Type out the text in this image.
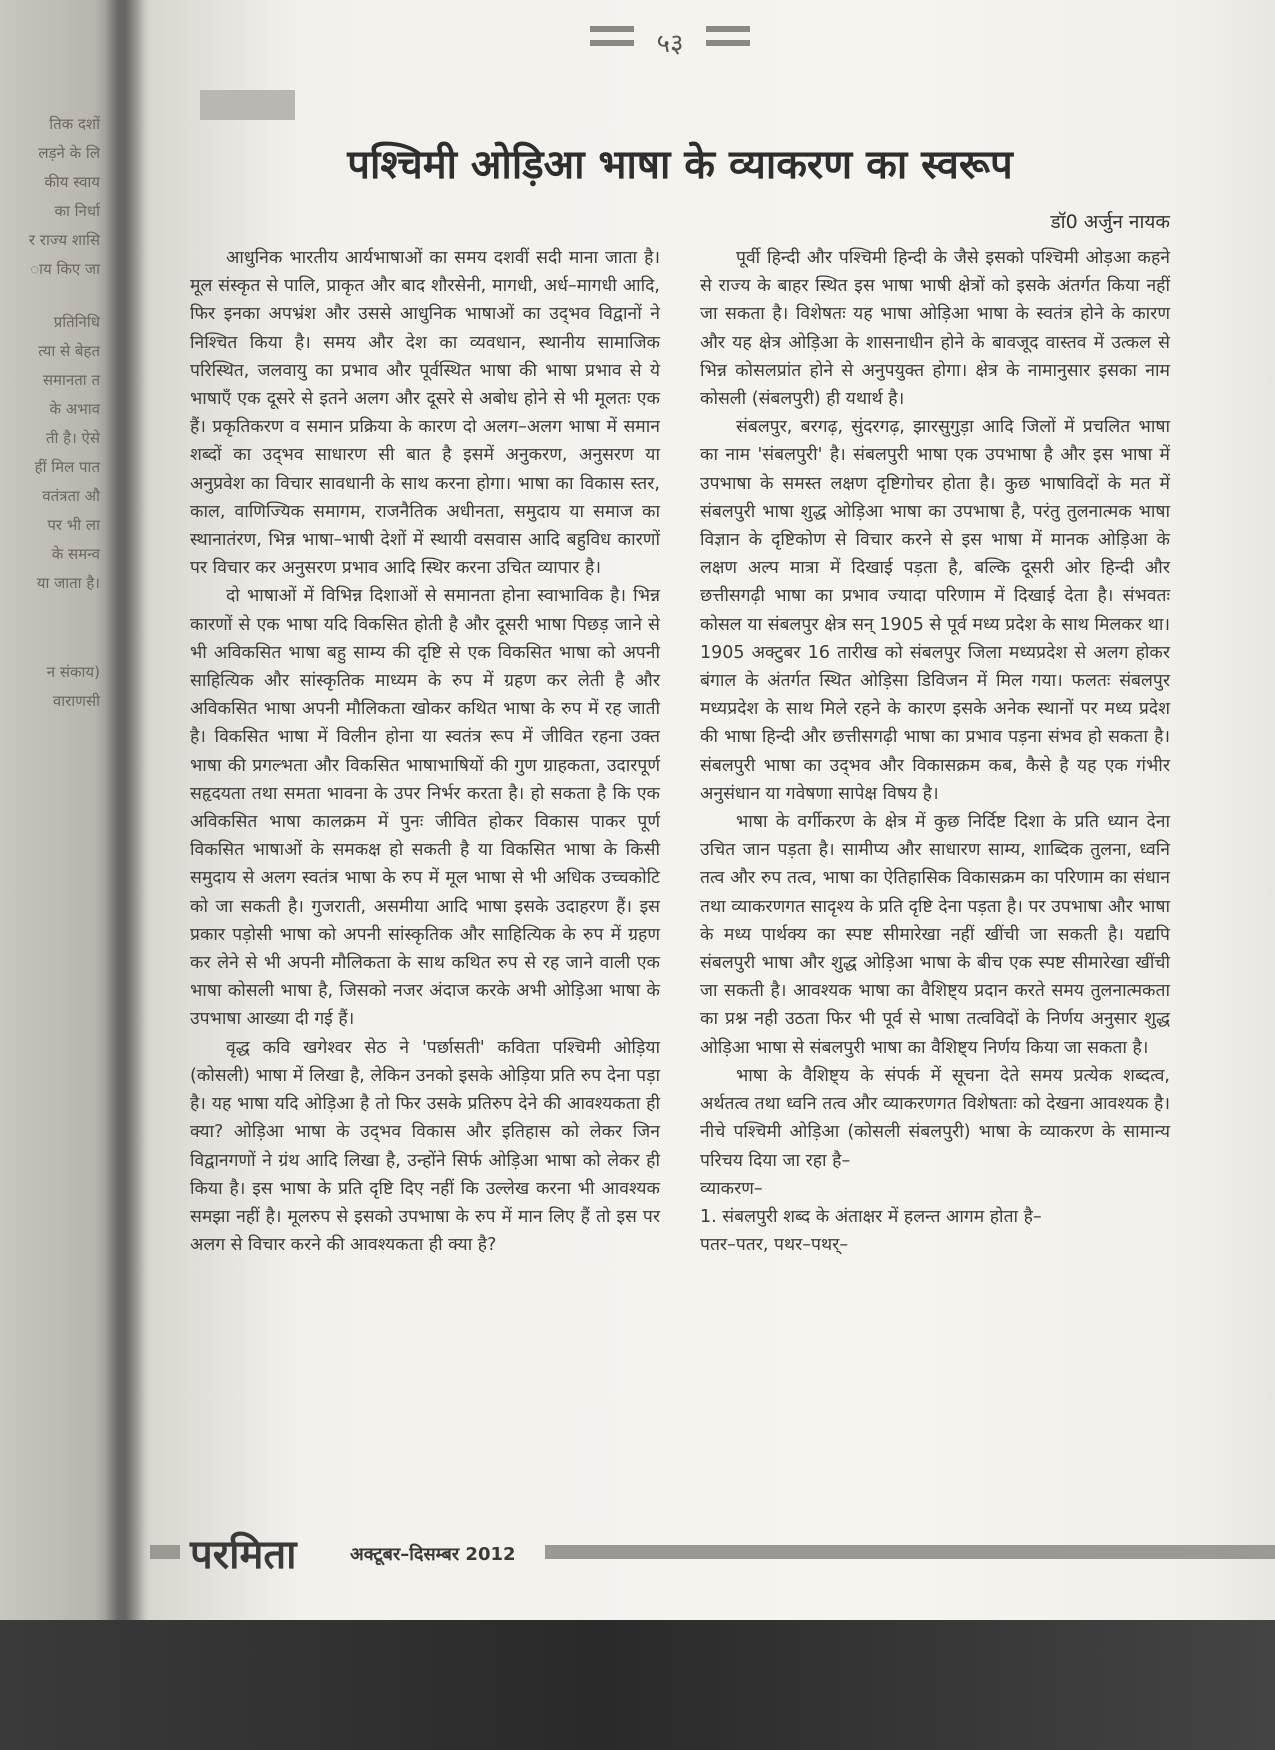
तिक दशों
लड़ने के लि
कीय स्वाय
का निर्धा
र राज्य शासि
ाय किए जा
प्रतिनिधि
त्या से बेहत
समानता त
के अभाव
ती है। ऐसे
हीं मिल पात
वतंत्रता औ
पर भी ला
के समन्व
या जाता है।
न संकाय)
वाराणसी
५३
पश्चिमी ओड़िआ भाषा के व्याकरण का स्वरूप
डॉ0 अर्जुन नायक

आधुनिक भारतीय आर्यभाषाओं का समय दशवीं सदी माना जाता है। मूल संस्कृत से पालि, प्राकृत और बाद शौरसेनी, मागधी, अर्ध–मागधी आदि, फिर इनका अपभ्रंश और उससे आधुनिक भाषाओं का उद्‌भव विद्वानों ने निश्चित किया है। समय और देश का व्यवधान, स्थानीय सामाजिक परिस्थित, जलवायु का प्रभाव और पूर्वस्थित भाषा की भाषा प्रभाव से ये भाषाएँ एक दूसरे से इतने अलग और दूसरे से अबोध होने से भी मूलतः एक हैं। प्रकृतिकरण व समान प्रक्रिया के कारण दो अलग–अलग भाषा में समान शब्दों का उद्‌भव साधारण सी बात है इसमें अनुकरण, अनुसरण या अनुप्रवेश का विचार सावधानी के साथ करना होगा। भाषा का विकास स्तर, काल, वाणिज्यिक समागम, राजनैतिक अधीनता, समुदाय या समाज का स्थानातंरण, भिन्न भाषा–भाषी देशों में स्थायी वसवास आदि बहुविध कारणों पर विचार कर अनुसरण प्रभाव आदि स्थिर करना उचित व्यापार है।

दो भाषाओं में विभिन्न दिशाओं से समानता होना स्वाभाविक है। भिन्न कारणों से एक भाषा यदि विकसित होती है और दूसरी भाषा पिछड़ जाने से भी अविकसित भाषा बहु साम्य की दृष्टि से एक विकसित भाषा को अपनी साहित्यिक और सांस्कृतिक माध्यम के रुप में ग्रहण कर लेती है और अविकसित भाषा अपनी मौलिकता खोकर कथित भाषा के रुप में रह जाती है। विकसित भाषा में विलीन होना या स्वतंत्र रूप में जीवित रहना उक्त भाषा की प्रगल्भता और विकसित भाषाभाषियों की गुण ग्राहकता, उदारपूर्ण सहृदयता तथा समता भावना के उपर निर्भर करता है। हो सकता है कि एक अविकसित भाषा कालक्रम में पुनः जीवित होकर विकास पाकर पूर्ण विकसित भाषाओं के समकक्ष हो सकती है या विकसित भाषा के किसी समुदाय से अलग स्वतंत्र भाषा के रुप में मूल भाषा से भी अधिक उच्चकोटि को जा सकती है। गुजराती, असमीया आदि भाषा इसके उदाहरण हैं। इस प्रकार पड़ोसी भाषा को अपनी सांस्कृतिक और साहित्यिक के रुप में ग्रहण कर लेने से भी अपनी मौलिकता के साथ कथित रुप से रह जाने वाली एक भाषा कोसली भाषा है, जिसको नजर अंदाज करके अभी ओड़िआ भाषा के उपभाषा आख्या दी गई हैं।

वृद्ध कवि खगेश्वर सेठ ने 'पर्छासती' कविता पश्चिमी ओड़िया (कोसली) भाषा में लिखा है, लेकिन उनको इसके ओड़िया प्रति रुप देना पड़ा है। यह भाषा यदि ओड़िआ है तो फिर उसके प्रतिरुप देने की आवश्यकता ही क्या? ओड़िआ भाषा के उद्‌भव विकास और इतिहास को लेकर जिन विद्वानगणों ने ग्रंथ आदि लिखा है, उन्होंने सिर्फ ओड़िआ भाषा को लेकर ही किया है। इस भाषा के प्रति दृष्टि दिए नहीं कि उल्लेख करना भी आवश्यक समझा नहीं है। मूलरुप से इसको उपभाषा के रुप में मान लिए हैं तो इस पर अलग से विचार करने की आवश्यकता ही क्या है?

पूर्वी हिन्दी और पश्चिमी हिन्दी के जैसे इसको पश्चिमी ओड़आ कहने से राज्य के बाहर स्थित इस भाषा भाषी क्षेत्रों को इसके अंतर्गत किया नहीं जा सकता है। विशेषतः यह भाषा ओड़िआ भाषा के स्वतंत्र होने के कारण और यह क्षेत्र ओड़िआ के शासनाधीन होने के बावजूद वास्तव में उत्कल से भिन्न कोसलप्रांत होने से अनुपयुक्त होगा। क्षेत्र के नामानुसार इसका नाम कोसली (संबलपुरी) ही यथार्थ है।

संबलपुर, बरगढ़, सुंदरगढ़, झारसुगुड़ा आदि जिलों में प्रचलित भाषा का नाम 'संबलपुरी' है। संबलपुरी भाषा एक उपभाषा है और इस भाषा में उपभाषा के समस्त लक्षण दृष्टिगोचर होता है। कुछ भाषाविदों के मत में संबलपुरी भाषा शुद्ध ओड़िआ भाषा का उपभाषा है, परंतु तुलनात्मक भाषा विज्ञान के दृष्टिकोण से विचार करने से इस भाषा में मानक ओड़िआ के लक्षण अल्प मात्रा में दिखाई पड़ता है, बल्कि दूसरी ओर हिन्दी और छत्तीसगढ़ी भाषा का प्रभाव ज्यादा परिणाम में दिखाई देता है। संभवतः कोसल या संबलपुर क्षेत्र सन् 1905 से पूर्व मध्य प्रदेश के साथ मिलकर था। 1905 अक्टुबर 16 तारीख को संबलपुर जिला मध्यप्रदेश से अलग होकर बंगाल के अंतर्गत स्थित ओड़िसा डिविजन में मिल गया। फलतः संबलपुर मध्यप्रदेश के साथ मिले रहने के कारण इसके अनेक स्थानों पर मध्य प्रदेश की भाषा हिन्दी और छत्तीसगढ़ी भाषा का प्रभाव पड़ना संभव हो सकता है। संबलपुरी भाषा का उद्‌भव और विकासक्रम कब, कैसे है यह एक गंभीर अनुसंधान या गवेषणा सापेक्ष विषय है।

भाषा के वर्गीकरण के क्षेत्र में कुछ निर्दिष्ट दिशा के प्रति ध्यान देना उचित जान पड़ता है। सामीप्य और साधारण साम्य, शाब्दिक तुलना, ध्वनि तत्व और रुप तत्व, भाषा का ऐतिहासिक विकासक्रम का परिणाम का संधान तथा व्याकरणगत सादृश्य के प्रति दृष्टि देना पड़ता है। पर उपभाषा और भाषा के मध्य पार्थक्य का स्पष्ट सीमारेखा नहीं खींची जा सकती है। यद्यपि संबलपुरी भाषा और शुद्ध ओड़िआ भाषा के बीच एक स्पष्ट सीमारेखा खींची जा सकती है। आवश्यक भाषा का वैशिष्ट्य प्रदान करते समय तुलनात्मकता का प्रश्न नही उठता फिर भी पूर्व से भाषा तत्वविदों के निर्णय अनुसार शुद्ध ओड़िआ भाषा से संबलपुरी भाषा का वैशिष्ट्य निर्णय किया जा सकता है।

भाषा के वैशिष्ट्य के संपर्क में सूचना देते समय प्रत्येक शब्दत्व, अर्थतत्व तथा ध्वनि तत्व और व्याकरणगत विशेषताः को देखना आवश्यक है। नीचे पश्चिमी ओड़िआ (कोसली संबलपुरी) भाषा के व्याकरण के सामान्य परिचय दिया जा रहा है–

व्याकरण–

1. संबलपुरी शब्द के अंताक्षर में हलन्त आगम होता है–

पतर–पतर, पथर–पथर्–

परमिता	अक्टूबर–दिसम्बर 2012
